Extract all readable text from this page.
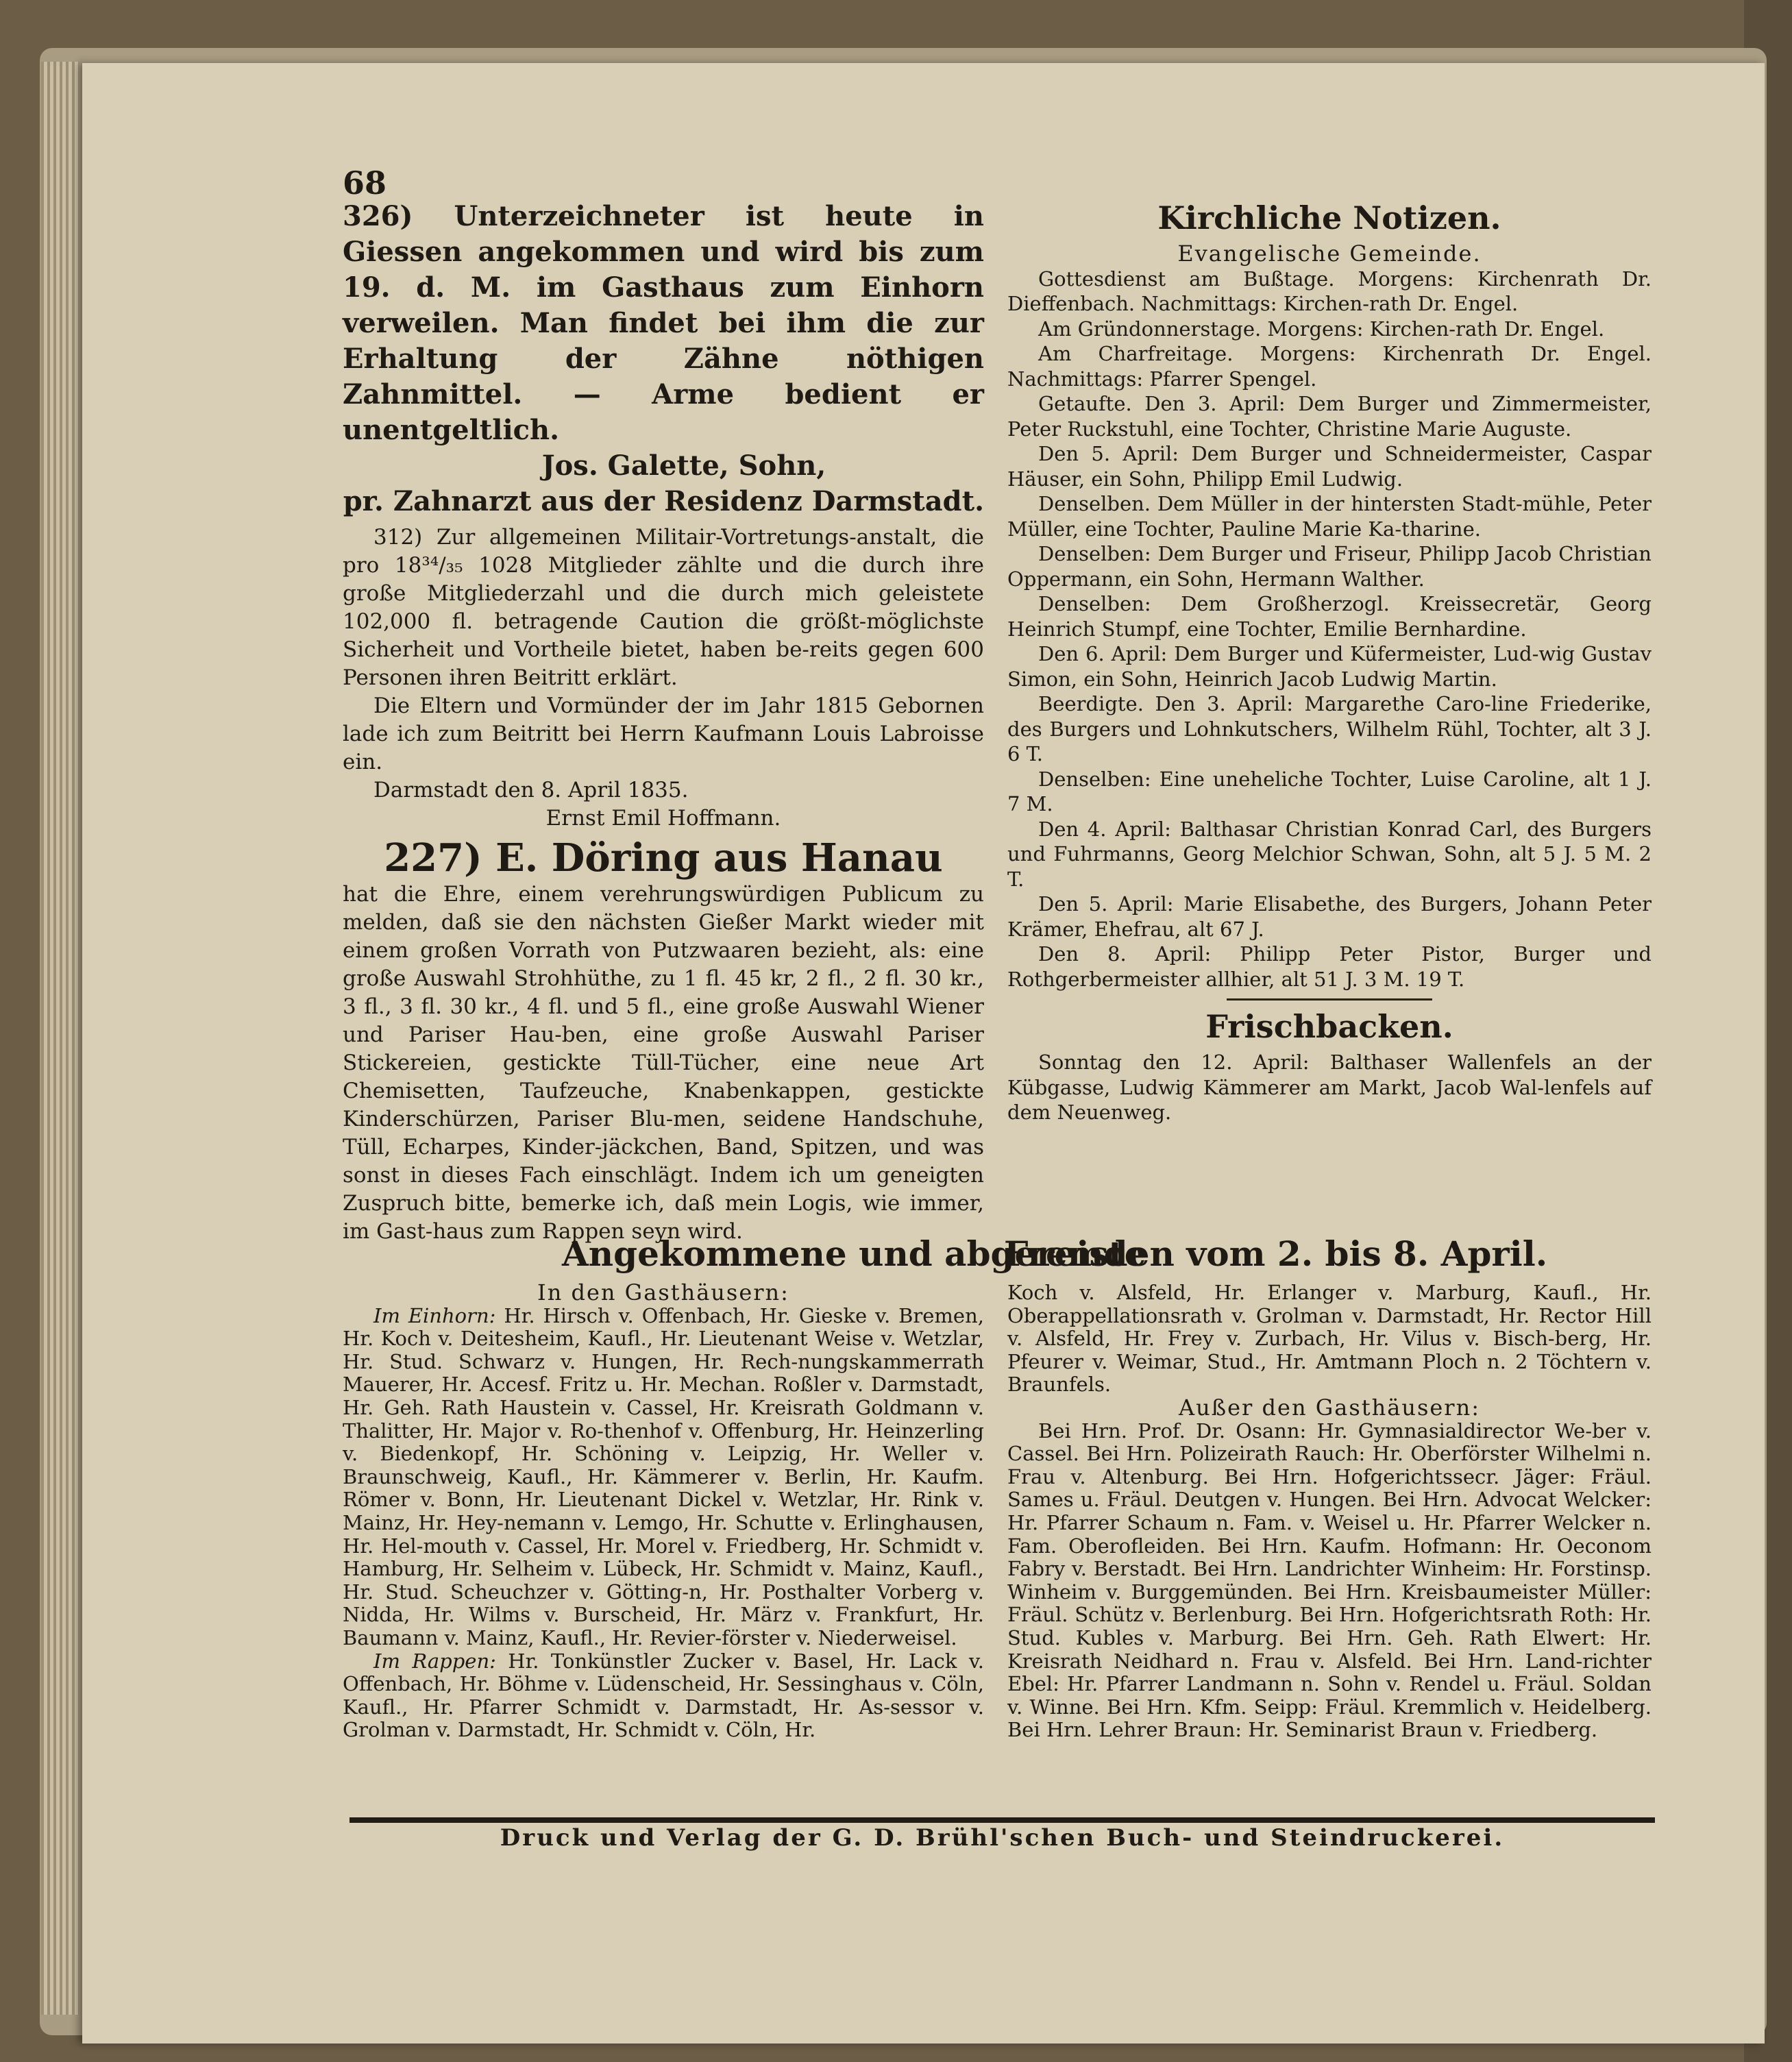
68

326) Unterzeichneter ist heute in Giessen angekommen und wird bis zum 19. d. M. im Gasthaus zum Einhorn verweilen. Man findet bei ihm die zur Erhaltung der Zähne nöthigen Zahnmittel. — Arme bedient er unentgeltlich.

Jos. Galette, Sohn,

pr. Zahnarzt aus der Residenz Darmstadt.

312) Zur allgemeinen Militair-Vortretungs-anstalt, die pro 18³⁴/₃₅ 1028 Mitglieder zählte und die durch ihre große Mitgliederzahl und die durch mich geleistete 102,000 fl. betragende Caution die größt-möglichste Sicherheit und Vortheile bietet, haben be-reits gegen 600 Personen ihren Beitritt erklärt.

Die Eltern und Vormünder der im Jahr 1815 Gebornen lade ich zum Beitritt bei Herrn Kaufmann Louis Labroisse ein.

Darmstadt den 8. April 1835.

Ernst Emil Hoffmann.

227) E. Döring aus Hanau

hat die Ehre, einem verehrungswürdigen Publicum zu melden, daß sie den nächsten Gießer Markt wieder mit einem großen Vorrath von Putzwaaren bezieht, als: eine große Auswahl Strohhüthe, zu 1 fl. 45 kr, 2 fl., 2 fl. 30 kr., 3 fl., 3 fl. 30 kr., 4 fl. und 5 fl., eine große Auswahl Wiener und Pariser Hau-ben, eine große Auswahl Pariser Stickereien, gestickte Tüll-Tücher, eine neue Art Chemisetten, Taufzeuche, Knabenkappen, gestickte Kinderschürzen, Pariser Blu-men, seidene Handschuhe, Tüll, Echarpes, Kinder-jäckchen, Band, Spitzen, und was sonst in dieses Fach einschlägt. Indem ich um geneigten Zuspruch bitte, bemerke ich, daß mein Logis, wie immer, im Gast-haus zum Rappen seyn wird.

Kirchliche Notizen.

Evangelische Gemeinde.

Gottesdienst am Bußtage. Morgens: Kirchenrath Dr. Dieffenbach. Nachmittags: Kirchen-rath Dr. Engel.

Am Gründonnerstage. Morgens: Kirchen-rath Dr. Engel.

Am Charfreitage. Morgens: Kirchenrath Dr. Engel. Nachmittags: Pfarrer Spengel.

Getaufte. Den 3. April: Dem Burger und Zimmermeister, Peter Ruckstuhl, eine Tochter, Christine Marie Auguste.

Den 5. April: Dem Burger und Schneidermeister, Caspar Häuser, ein Sohn, Philipp Emil Ludwig.

Denselben. Dem Müller in der hintersten Stadt-mühle, Peter Müller, eine Tochter, Pauline Marie Ka-tharine.

Denselben: Dem Burger und Friseur, Philipp Jacob Christian Oppermann, ein Sohn, Hermann Walther.

Denselben: Dem Großherzogl. Kreissecretär, Georg Heinrich Stumpf, eine Tochter, Emilie Bernhardine.

Den 6. April: Dem Burger und Küfermeister, Lud-wig Gustav Simon, ein Sohn, Heinrich Jacob Ludwig Martin.

Beerdigte. Den 3. April: Margarethe Caro-line Friederike, des Burgers und Lohnkutschers, Wilhelm Rühl, Tochter, alt 3 J. 6 T.

Denselben: Eine uneheliche Tochter, Luise Caroline, alt 1 J. 7 M.

Den 4. April: Balthasar Christian Konrad Carl, des Burgers und Fuhrmanns, Georg Melchior Schwan, Sohn, alt 5 J. 5 M. 2 T.

Den 5. April: Marie Elisabethe, des Burgers, Johann Peter Krämer, Ehefrau, alt 67 J.

Den 8. April: Philipp Peter Pistor, Burger und Rothgerbermeister allhier, alt 51 J. 3 M. 19 T.

Frischbacken.

Sonntag den 12. April: Balthaser Wallenfels an der Kübgasse, Ludwig Kämmerer am Markt, Jacob Wal-lenfels auf dem Neuenweg.

Angekommene und abgereiste
Fremden vom 2. bis 8. April.

In den Gasthäusern:

Im Einhorn: Hr. Hirsch v. Offenbach, Hr. Gieske v. Bremen, Hr. Koch v. Deitesheim, Kaufl., Hr. Lieutenant Weise v. Wetzlar, Hr. Stud. Schwarz v. Hungen, Hr. Rech-nungskammerrath Mauerer, Hr. Accesf. Fritz u. Hr. Mechan. Roßler v. Darmstadt, Hr. Geh. Rath Haustein v. Cassel, Hr. Kreisrath Goldmann v. Thalitter, Hr. Major v. Ro-thenhof v. Offenburg, Hr. Heinzerling v. Biedenkopf, Hr. Schöning v. Leipzig, Hr. Weller v. Braunschweig, Kaufl., Hr. Kämmerer v. Berlin, Hr. Kaufm. Römer v. Bonn, Hr. Lieutenant Dickel v. Wetzlar, Hr. Rink v. Mainz, Hr. Hey-nemann v. Lemgo, Hr. Schutte v. Erlinghausen, Hr. Hel-mouth v. Cassel, Hr. Morel v. Friedberg, Hr. Schmidt v. Hamburg, Hr. Selheim v. Lübeck, Hr. Schmidt v. Mainz, Kaufl., Hr. Stud. Scheuchzer v. Götting-n, Hr. Posthalter Vorberg v. Nidda, Hr. Wilms v. Burscheid, Hr. März v. Frankfurt, Hr. Baumann v. Mainz, Kaufl., Hr. Revier-förster v. Niederweisel.

Im Rappen: Hr. Tonkünstler Zucker v. Basel, Hr. Lack v. Offenbach, Hr. Böhme v. Lüdenscheid, Hr. Sessinghaus v. Cöln, Kaufl., Hr. Pfarrer Schmidt v. Darmstadt, Hr. As-sessor v. Grolman v. Darmstadt, Hr. Schmidt v. Cöln, Hr.

Koch v. Alsfeld, Hr. Erlanger v. Marburg, Kaufl., Hr. Oberappellationsrath v. Grolman v. Darmstadt, Hr. Rector Hill v. Alsfeld, Hr. Frey v. Zurbach, Hr. Vilus v. Bisch-berg, Hr. Pfeurer v. Weimar, Stud., Hr. Amtmann Ploch n. 2 Töchtern v. Braunfels.

Außer den Gasthäusern:

Bei Hrn. Prof. Dr. Osann: Hr. Gymnasialdirector We-ber v. Cassel. Bei Hrn. Polizeirath Rauch: Hr. Oberförster Wilhelmi n. Frau v. Altenburg. Bei Hrn. Hofgerichtssecr. Jäger: Fräul. Sames u. Fräul. Deutgen v. Hungen. Bei Hrn. Advocat Welcker: Hr. Pfarrer Schaum n. Fam. v. Weisel u. Hr. Pfarrer Welcker n. Fam. Oberofleiden. Bei Hrn. Kaufm. Hofmann: Hr. Oeconom Fabry v. Berstadt. Bei Hrn. Landrichter Winheim: Hr. Forstinsp. Winheim v. Burggemünden. Bei Hrn. Kreisbaumeister Müller: Fräul. Schütz v. Berlenburg. Bei Hrn. Hofgerichtsrath Roth: Hr. Stud. Kubles v. Marburg. Bei Hrn. Geh. Rath Elwert: Hr. Kreisrath Neidhard n. Frau v. Alsfeld. Bei Hrn. Land-richter Ebel: Hr. Pfarrer Landmann n. Sohn v. Rendel u. Fräul. Soldan v. Winne. Bei Hrn. Kfm. Seipp: Fräul. Kremmlich v. Heidelberg. Bei Hrn. Lehrer Braun: Hr. Seminarist Braun v. Friedberg.

Druck und Verlag der G. D. Brühl'schen Buch- und Steindruckerei.
